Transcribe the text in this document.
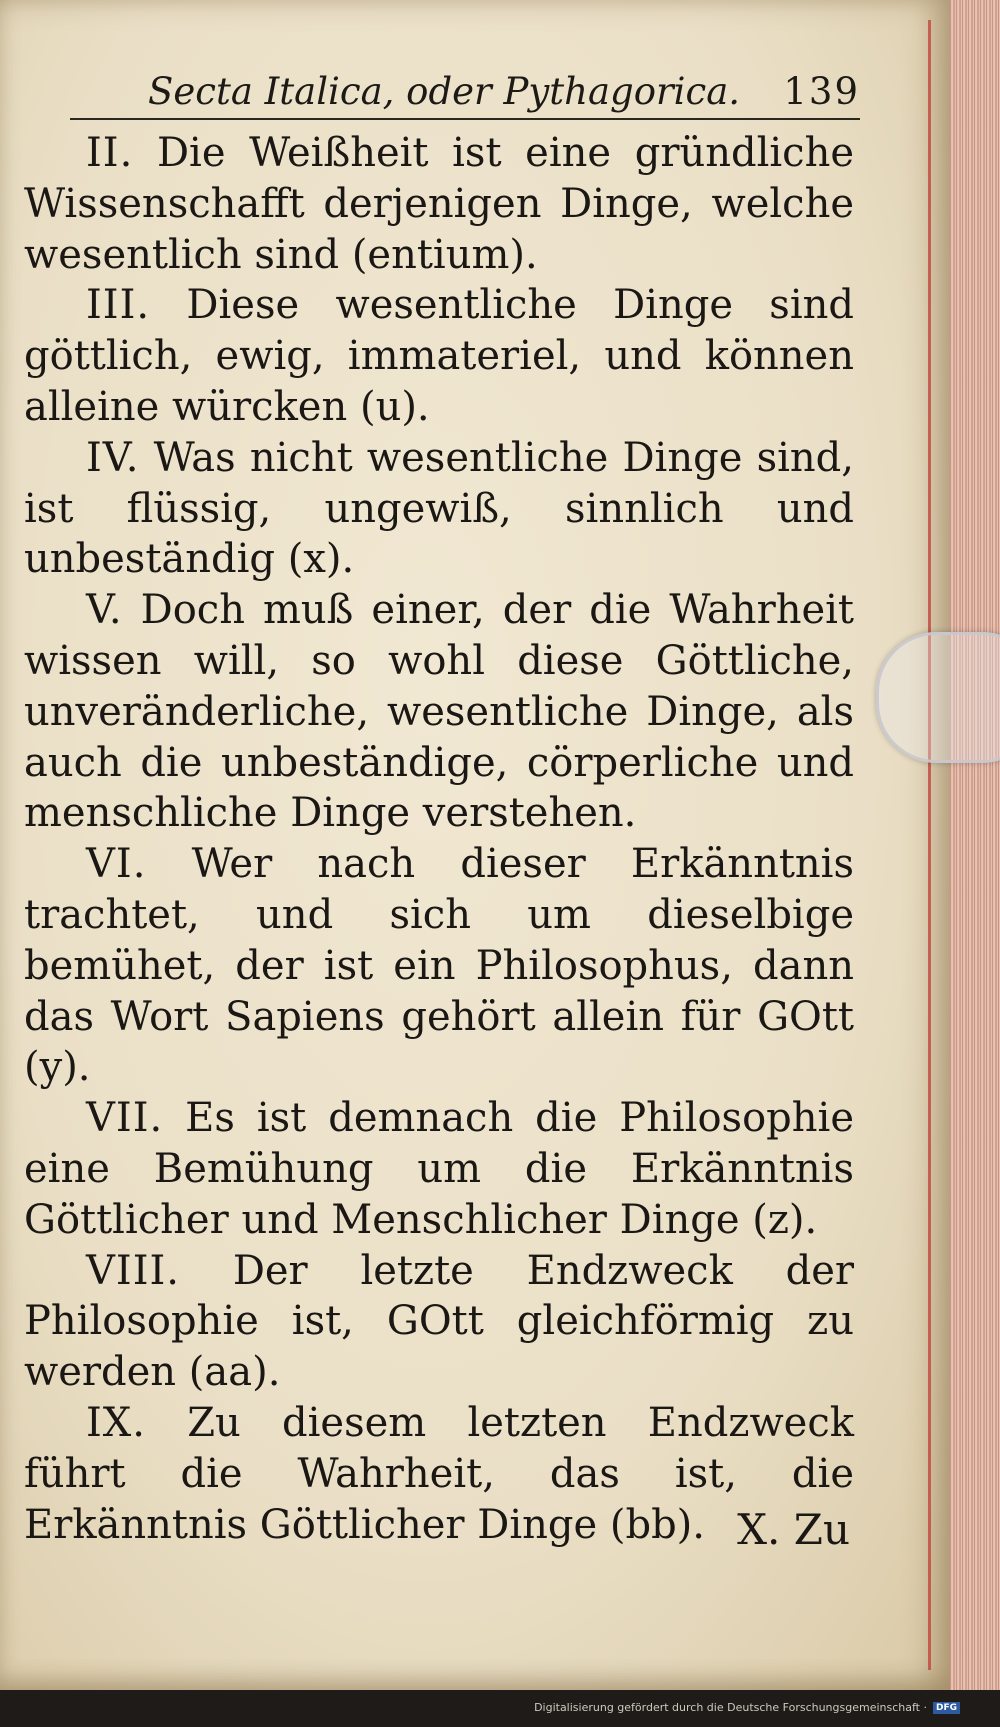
Secta Italica, oder Pythagorica. 139

II. Die Weißheit ist eine gründliche Wissenschafft derjenigen Dinge, welche wesentlich sind (entium).

III. Diese wesentliche Dinge sind göttlich, ewig, immateriel, und können alleine würcken (u).

IV. Was nicht wesentliche Dinge sind, ist flüssig, ungewiß, sinnlich und unbeständig (x).

V. Doch muß einer, der die Wahrheit wissen will, so wohl diese Göttliche, unveränderliche, wesentliche Dinge, als auch die unbeständige, cörperliche und menschliche Dinge verstehen.

VI. Wer nach dieser Erkänntnis trachtet, und sich um dieselbige bemühet, der ist ein Philosophus, dann das Wort Sapiens gehört allein für GOtt (y).

VII. Es ist demnach die Philosophie eine Bemühung um die Erkänntnis Göttlicher und Menschlicher Dinge (z).

VIII. Der letzte Endzweck der Philosophie ist, GOtt gleichförmig zu werden (aa).

IX. Zu diesem letzten Endzweck führt die Wahrheit, das ist, die Erkänntnis Göttlicher Dinge (bb). X. Zu
Digitalisierung gefördert durch die Deutsche Forschungsgemeinschaft ·	DFG
